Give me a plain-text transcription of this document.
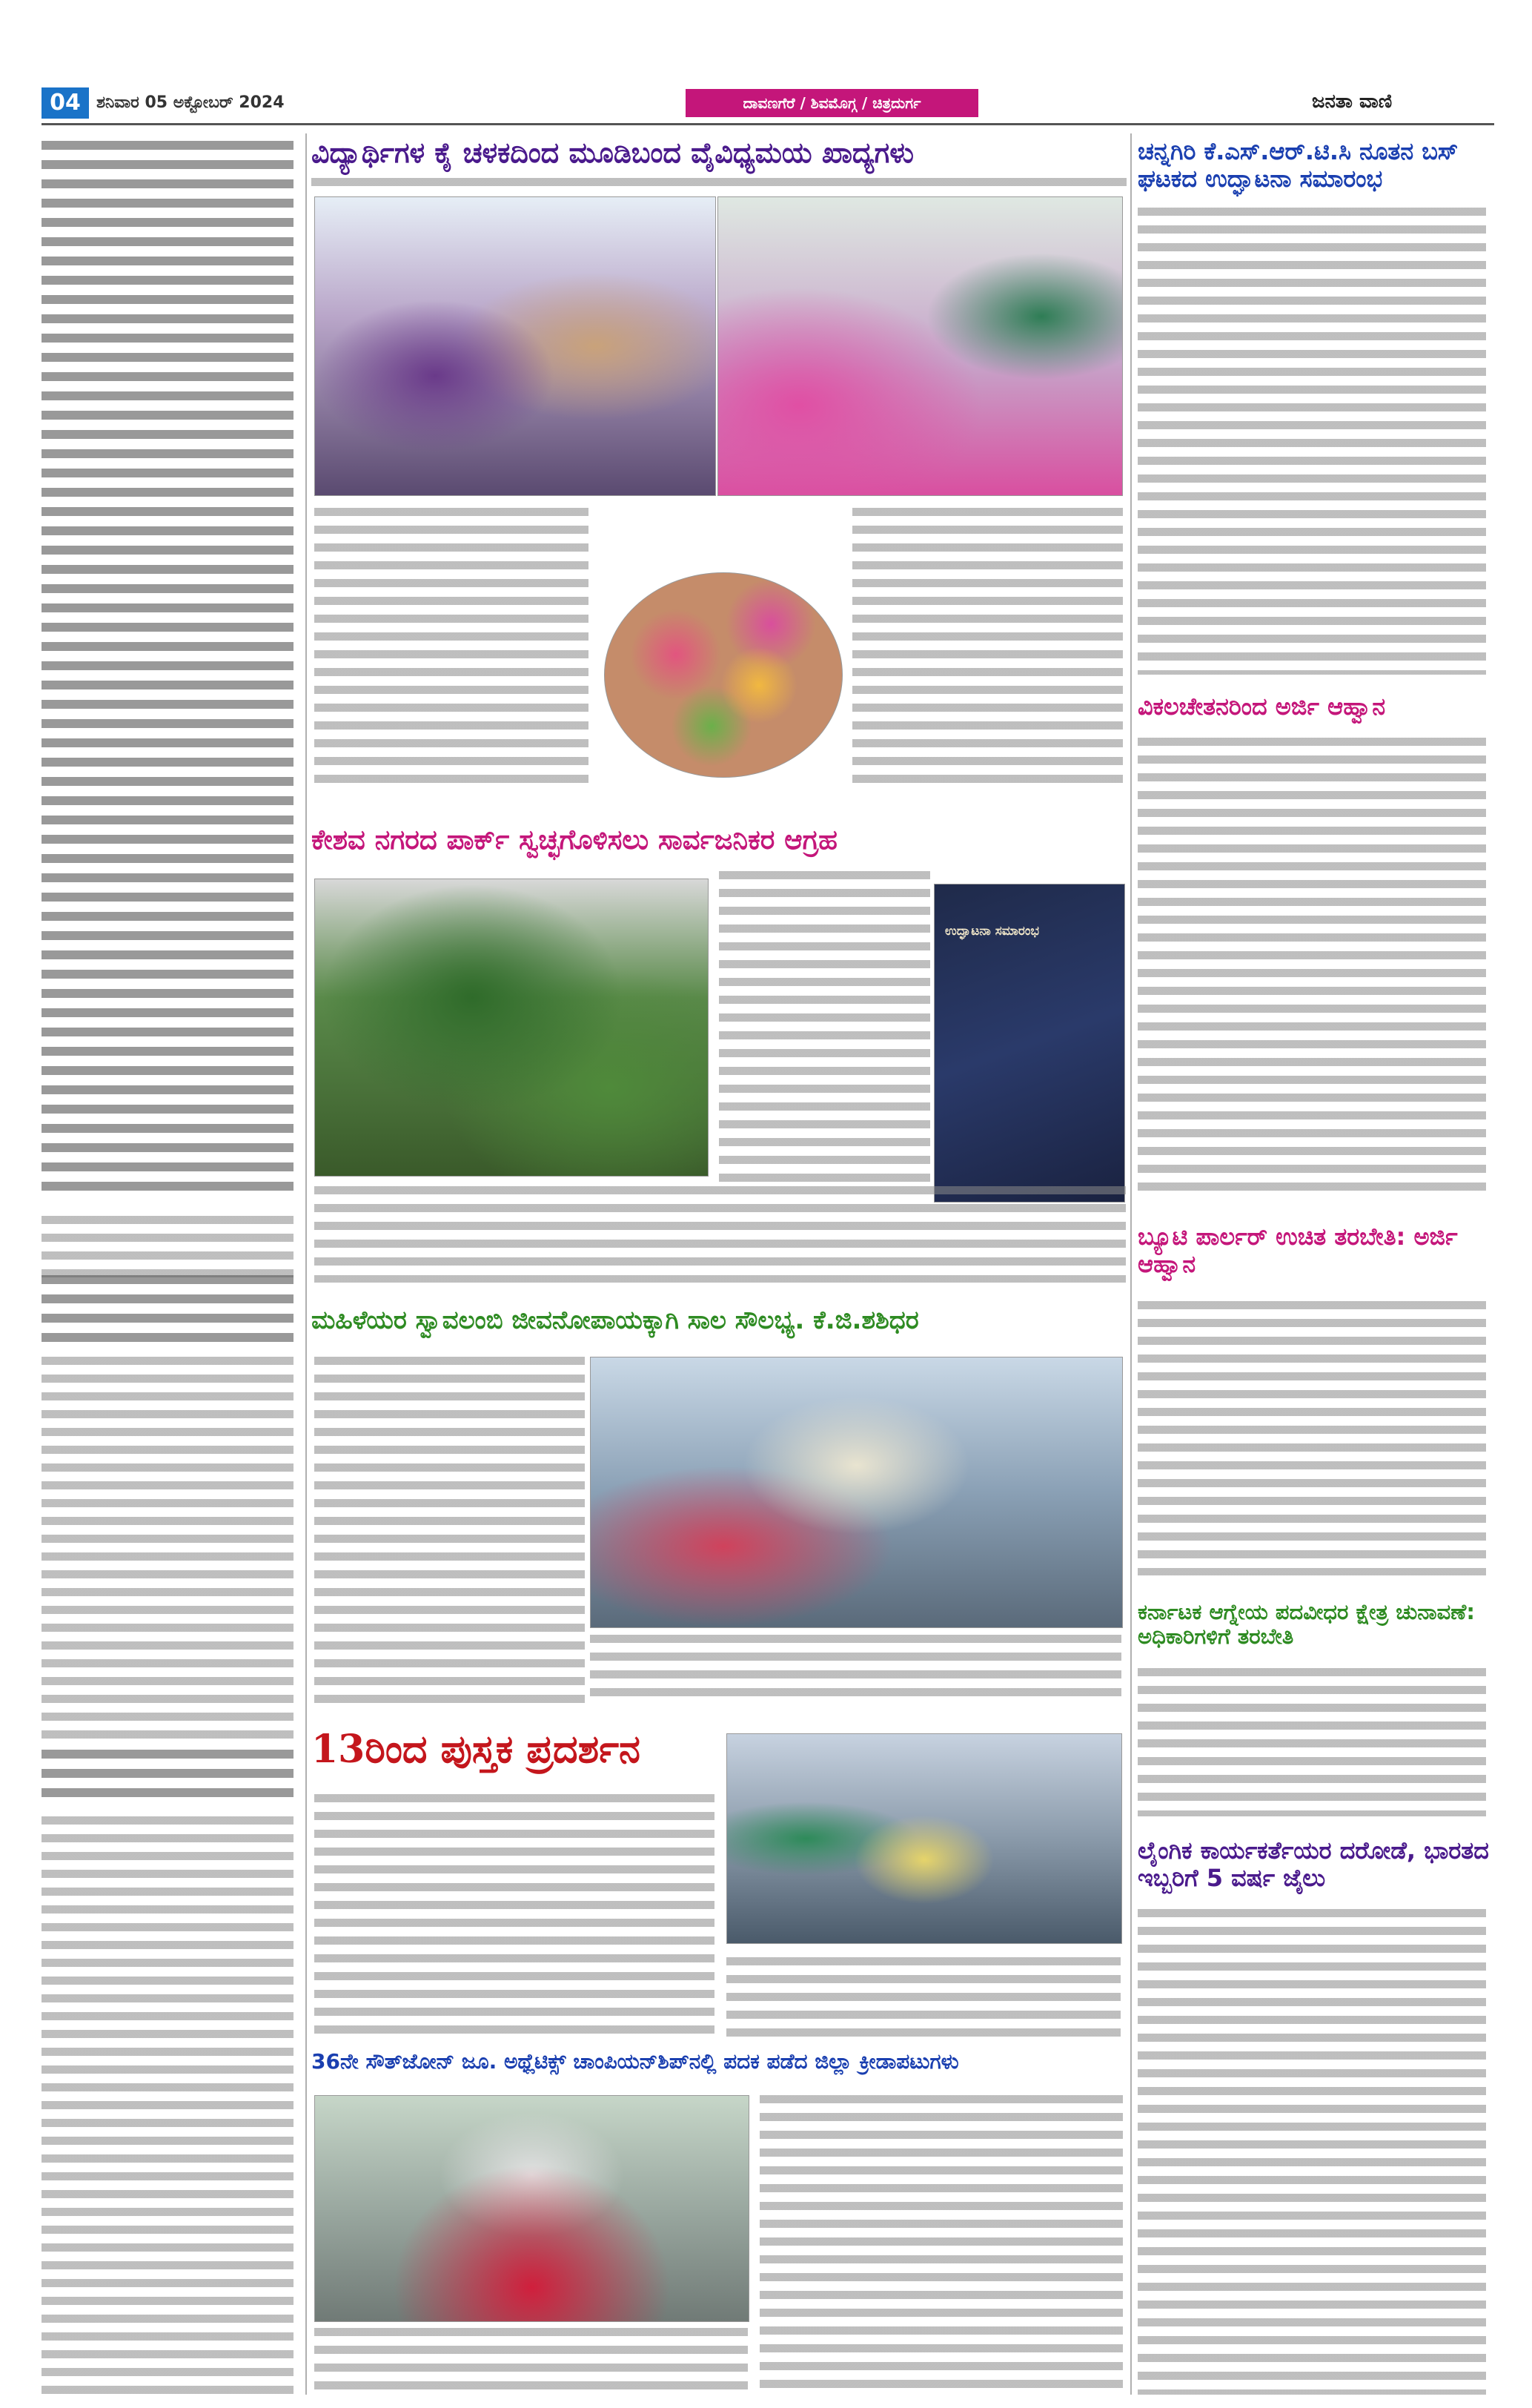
04 ಶನಿವಾರ 05 ಅಕ್ಟೋಬರ್ 2024	ದಾವಣಗೆರೆ / ಶಿವಮೊಗ್ಗ / ಚಿತ್ರದುರ್ಗ	ಜನತಾ ವಾಣಿ
ವಿದ್ಯಾರ್ಥಿಗಳ ಕೈ ಚಳಕದಿಂದ ಮೂಡಿಬಂದ ವೈವಿಧ್ಯಮಯ ಖಾದ್ಯಗಳು
ಕೇಶವ ನಗರದ ಪಾರ್ಕ್ ಸ್ವಚ್ಛಗೊಳಿಸಲು ಸಾರ್ವಜನಿಕರ ಆಗ್ರಹ
ಉದ್ಘಾಟನಾ ಸಮಾರಂಭ
ಮಹಿಳೆಯರ ಸ್ವಾವಲಂಬಿ ಜೀವನೋಪಾಯಕ್ಕಾಗಿ ಸಾಲ ಸೌಲಭ್ಯ. ಕೆ.ಜಿ.ಶಶಿಧರ
13ರಿಂದ ಪುಸ್ತಕ ಪ್ರದರ್ಶನ
36ನೇ ಸೌತ್‌ಜೋನ್ ಜೂ. ಅಥ್ಲೆಟಿಕ್ಸ್ ಚಾಂಪಿಯನ್‌ಶಿಪ್‌ನಲ್ಲಿ ಪದಕ ಪಡೆದ ಜಿಲ್ಲಾ ಕ್ರೀಡಾಪಟುಗಳು
ಚನ್ನಗಿರಿ ಕೆ.ಎಸ್.ಆರ್.ಟಿ.ಸಿ ನೂತನ ಬಸ್ ಘಟಕದ ಉದ್ಘಾಟನಾ ಸಮಾರಂಭ
ವಿಕಲಚೇತನರಿಂದ ಅರ್ಜಿ ಆಹ್ವಾನ
ಬ್ಯೂಟಿ ಪಾರ್ಲರ್ ಉಚಿತ ತರಬೇತಿ: ಅರ್ಜಿ ಆಹ್ವಾನ
ಕರ್ನಾಟಕ ಆಗ್ನೇಯ ಪದವೀಧರ ಕ್ಷೇತ್ರ ಚುನಾವಣೆ: ಅಧಿಕಾರಿಗಳಿಗೆ ತರಬೇತಿ
ಲೈಂಗಿಕ ಕಾರ್ಯಕರ್ತೆಯರ ದರೋಡೆ, ಭಾರತದ ಇಬ್ಬರಿಗೆ 5 ವರ್ಷ ಜೈಲು
